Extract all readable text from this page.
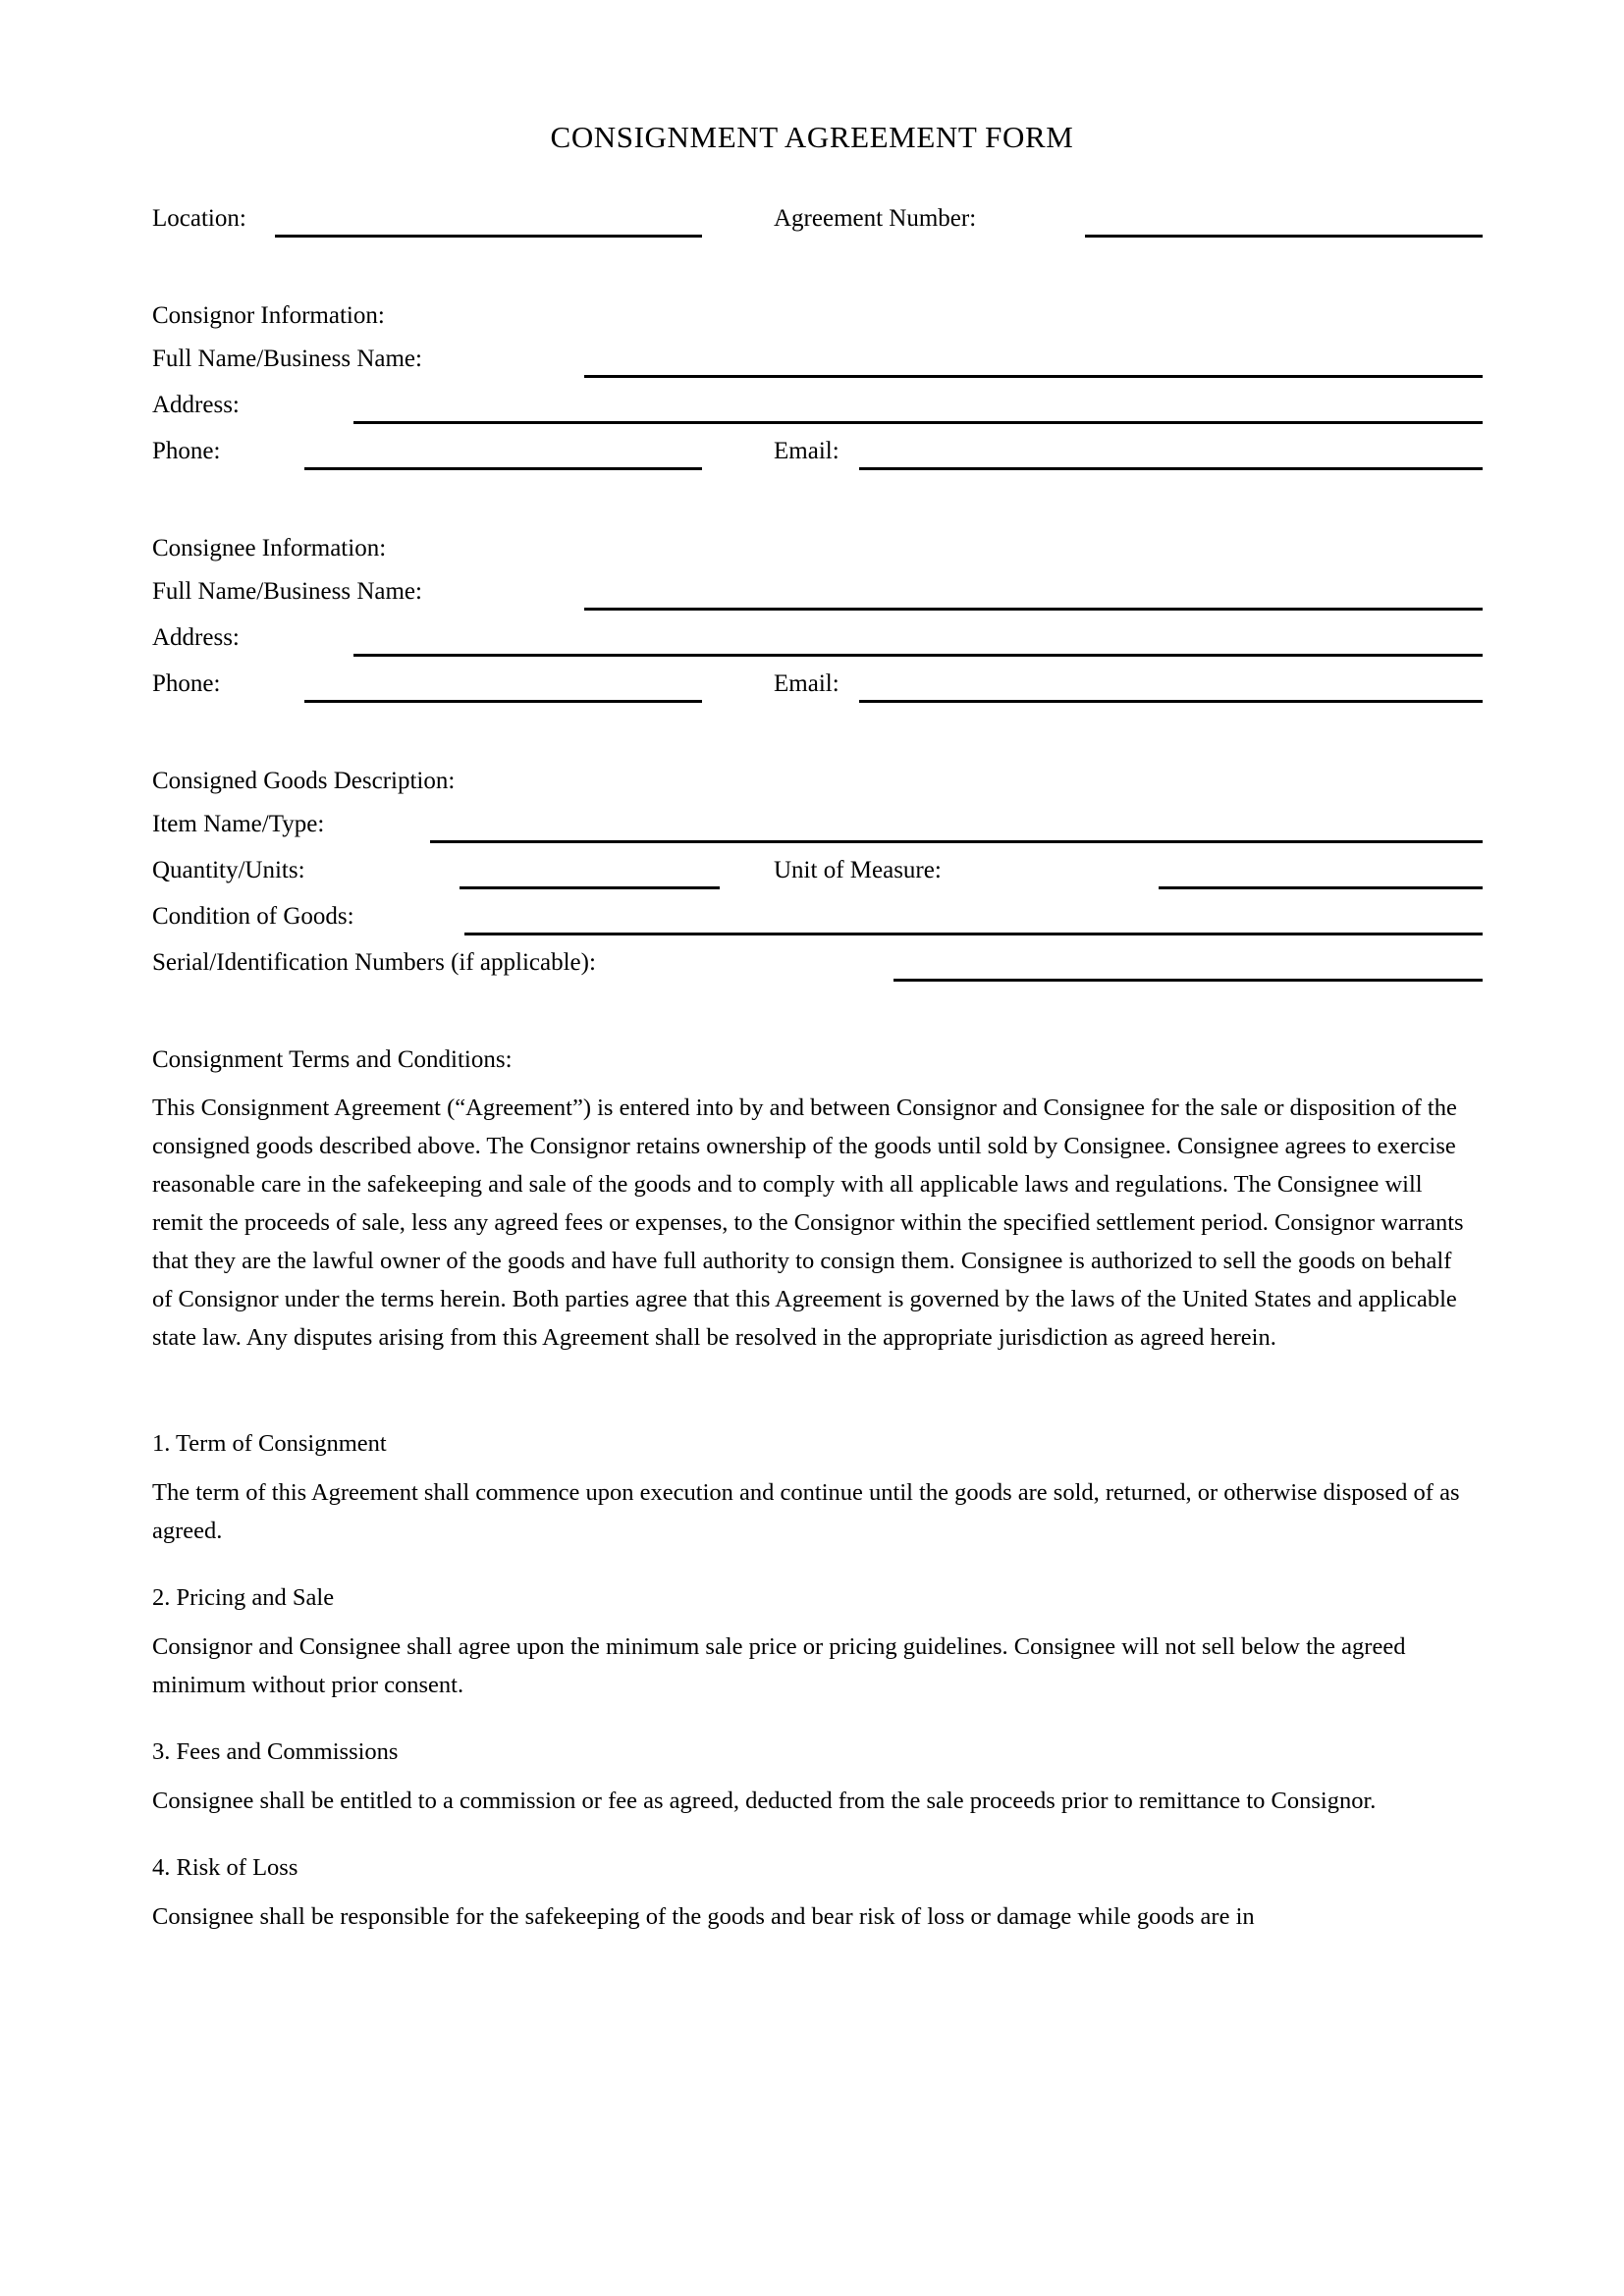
CONSIGNMENT AGREEMENT FORM
Location:	Agreement Number:
Consignor Information:
Full Name/Business Name:
Address:
Phone:	Email:
Consignee Information:
Full Name/Business Name:
Address:
Phone:	Email:
Consigned Goods Description:
Item Name/Type:
Quantity/Units:	Unit of Measure:
Condition of Goods:
Serial/Identification Numbers (if applicable):
Consignment Terms and Conditions:

This Consignment Agreement (“Agreement”) is entered into by and between Consignor and Consignee for the sale or disposition of the consigned goods described above. The Consignor retains ownership of the goods until sold by Consignee. Consignee agrees to exercise reasonable care in the safekeeping and sale of the goods and to comply with all applicable laws and regulations. The Consignee will remit the proceeds of sale, less any agreed fees or expenses, to the Consignor within the specified settlement period. Consignor warrants that they are the lawful owner of the goods and have full authority to consign them. Consignee is authorized to sell the goods on behalf of Consignor under the terms herein. Both parties agree that this Agreement is governed by the laws of the United States and applicable state law. Any disputes arising from this Agreement shall be resolved in the appropriate jurisdiction as agreed herein.

1. Term of Consignment

The term of this Agreement shall commence upon execution and continue until the goods are sold, returned, or otherwise disposed of as agreed.

2. Pricing and Sale

Consignor and Consignee shall agree upon the minimum sale price or pricing guidelines. Consignee will not sell below the agreed minimum without prior consent.

3. Fees and Commissions

Consignee shall be entitled to a commission or fee as agreed, deducted from the sale proceeds prior to remittance to Consignor.

4. Risk of Loss

Consignee shall be responsible for the safekeeping of the goods and bear risk of loss or damage while goods are in
